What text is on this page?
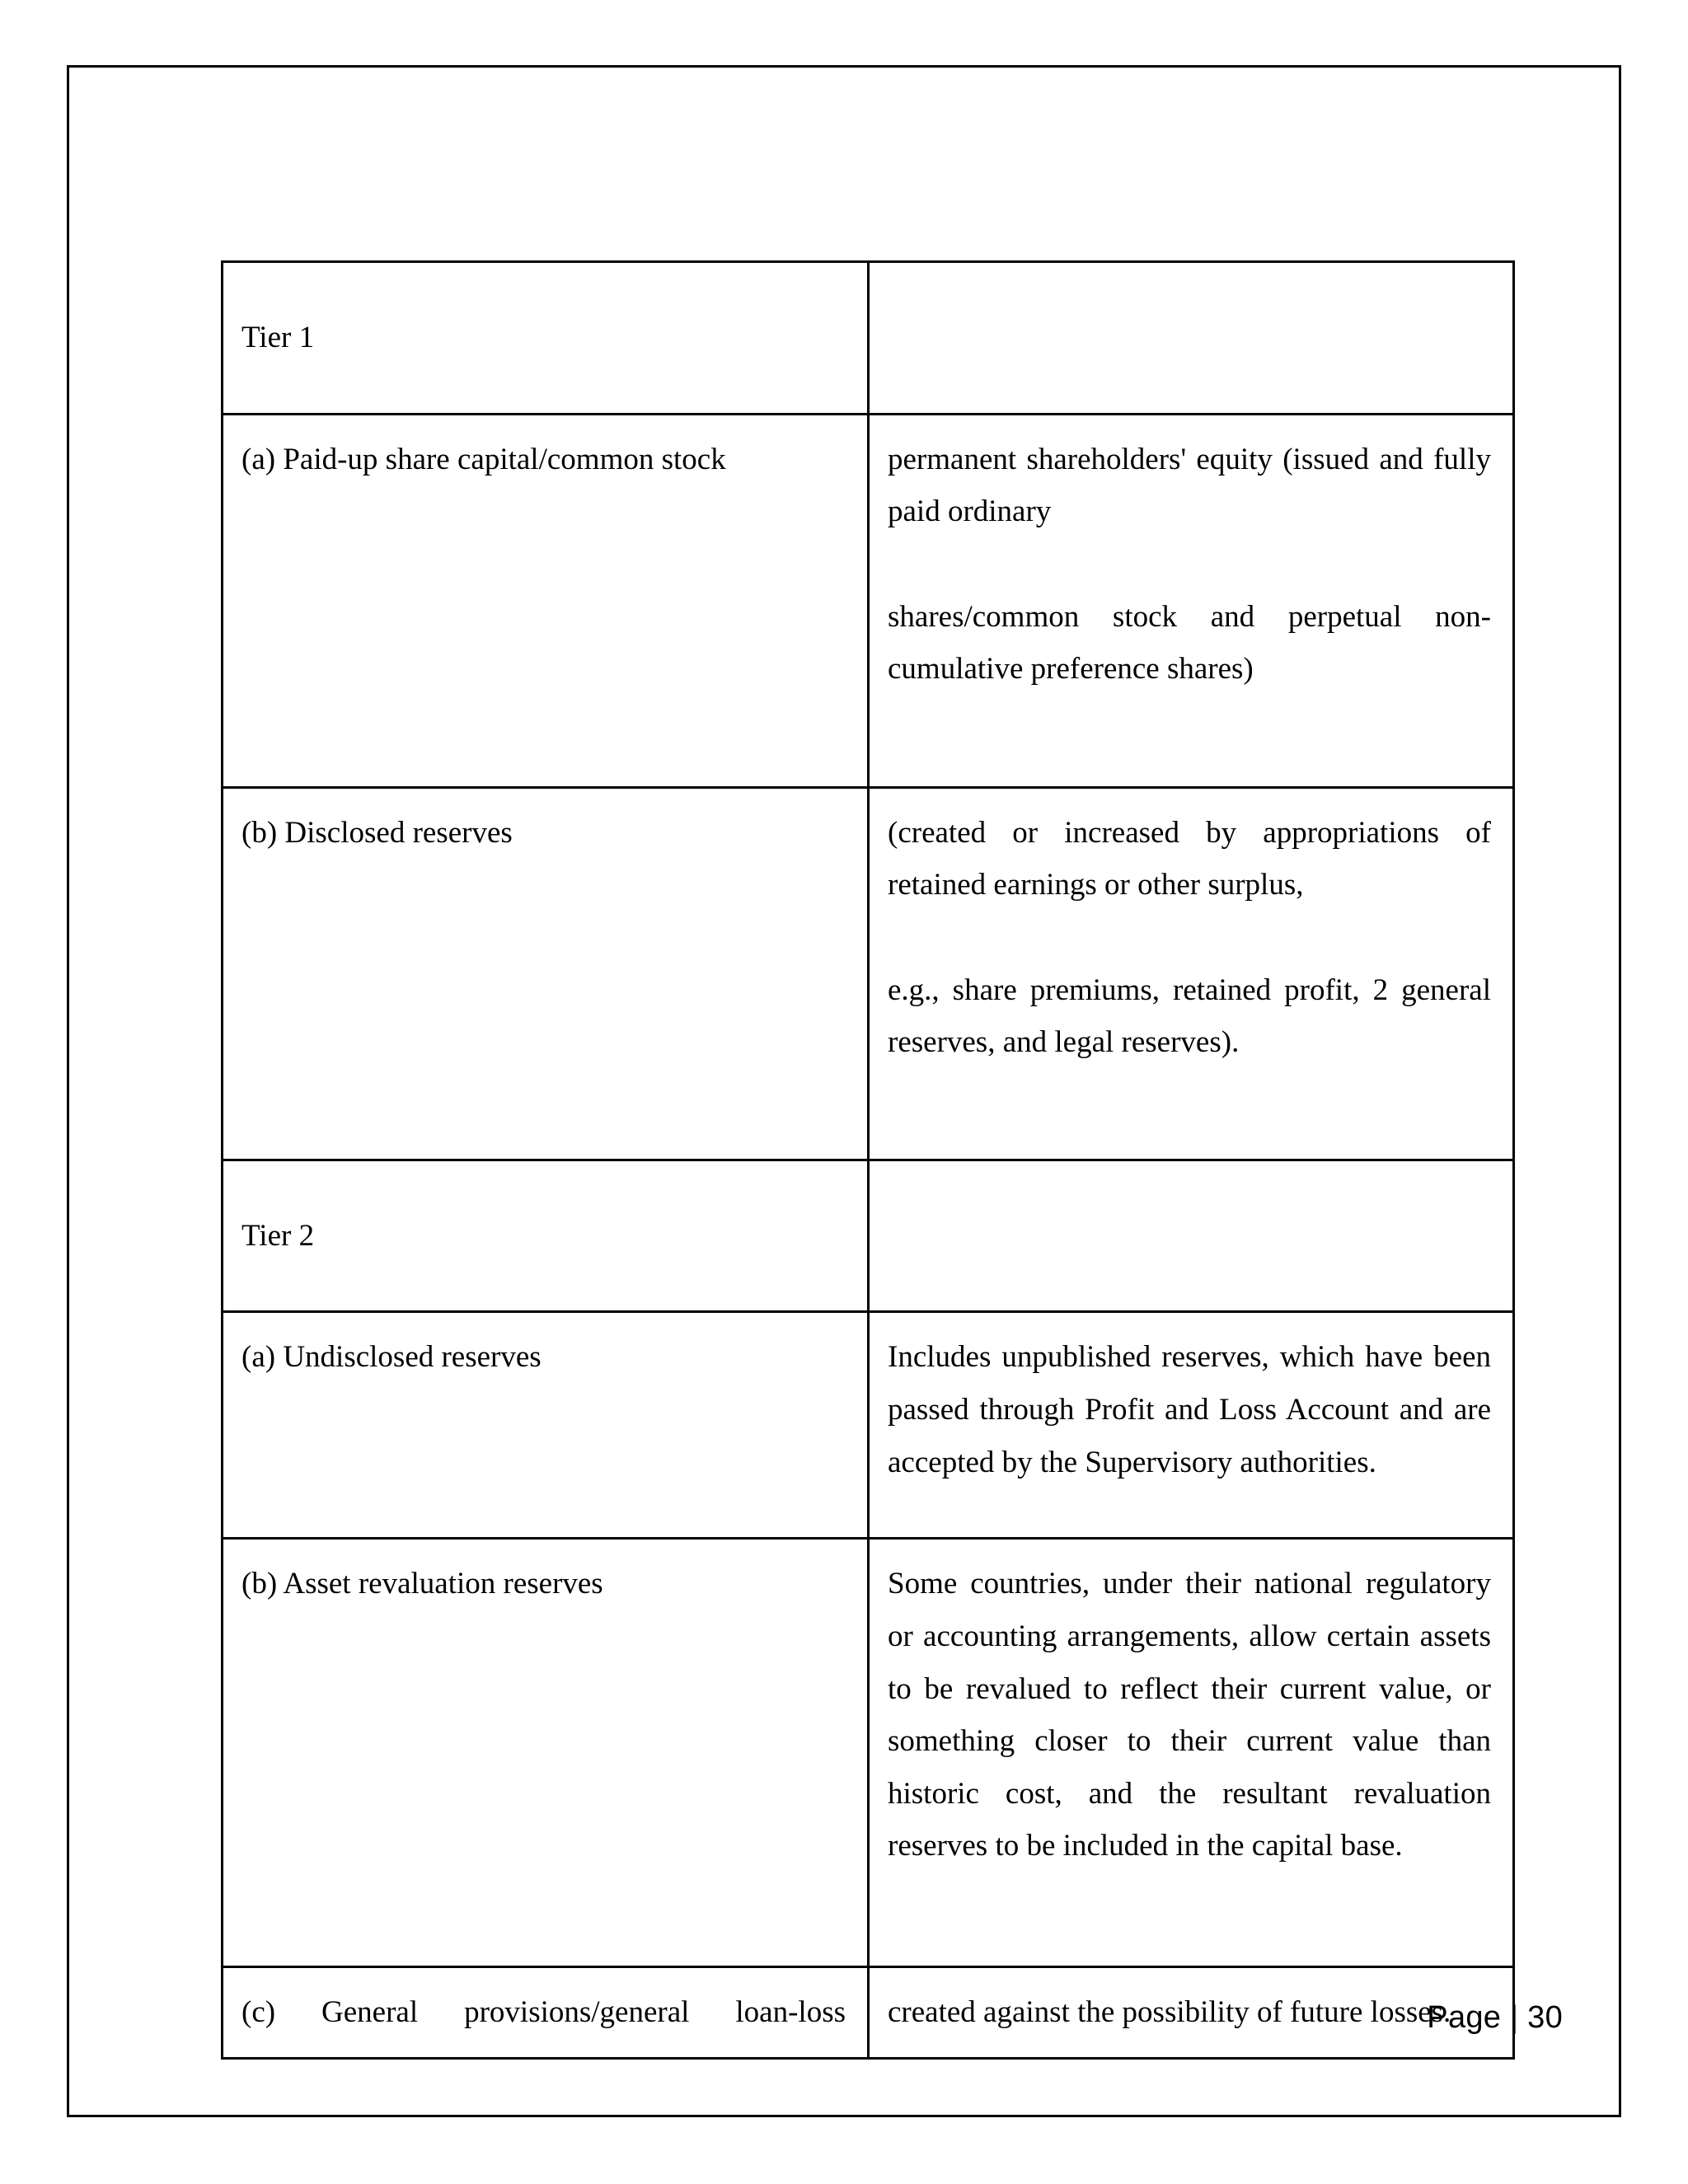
Tier 1	

(a) Paid-up share capital/common stock	permanent shareholders' equity (issued and fully paid ordinary

shares/common stock and perpetual non-cumulative preference shares)

(b) Disclosed reserves	(created or increased by appropriations of retained earnings or other surplus,

e.g., share premiums, retained profit, 2 general reserves, and legal reserves).

Tier 2	

(a) Undisclosed reserves	Includes unpublished reserves, which have been passed through Profit and Loss Account and are accepted by the Supervisory authorities.

(b) Asset revaluation reserves	Some countries, under their national regulatory or accounting arrangements, allow certain assets to be revalued to reflect their current value, or something closer to their current value than historic cost, and the resultant revaluation reserves to be included in the capital base.

(c) General provisions/general loan-loss	created against the possibility of future losses.

Page | 30
